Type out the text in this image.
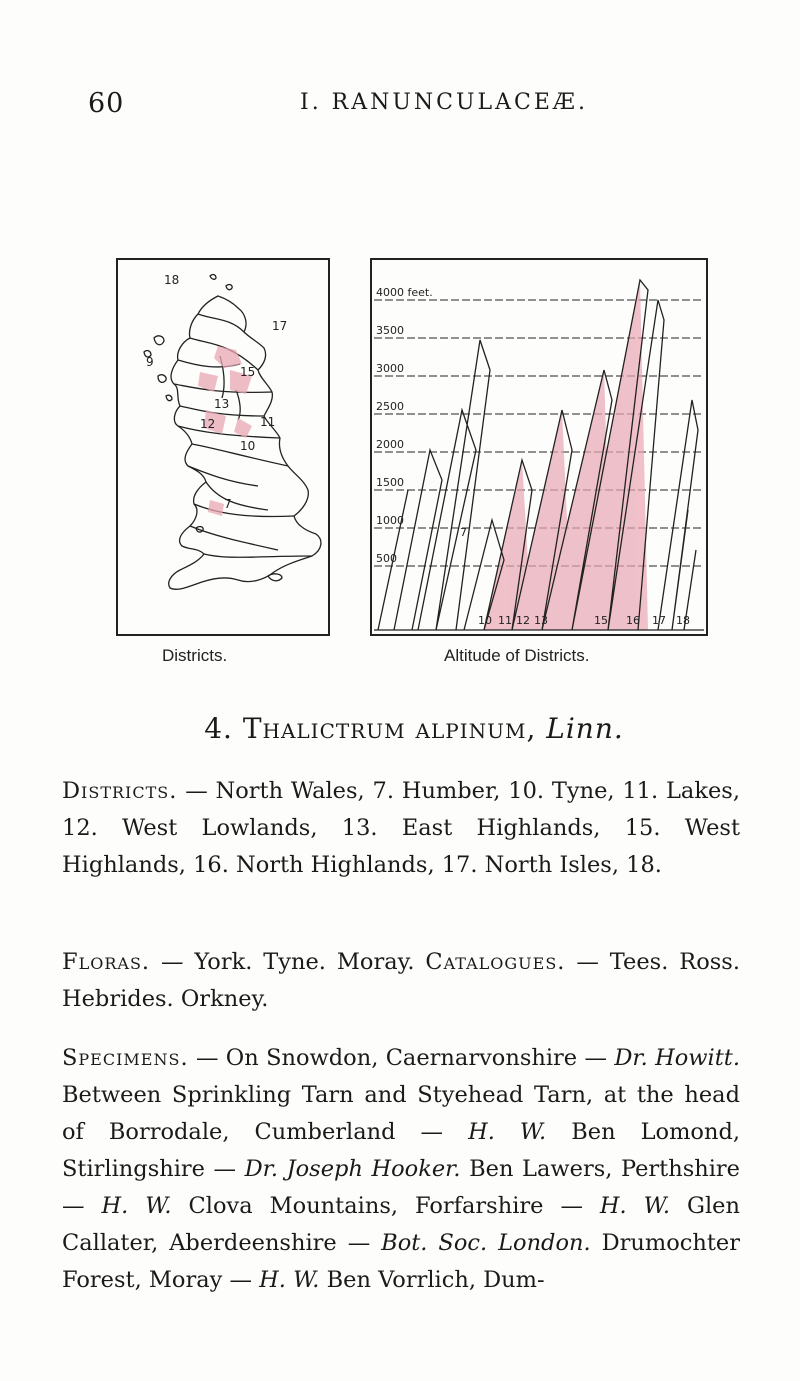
60	I. RANUNCULACEÆ.
18
17
15
13
12	11
10
9
7
4000 feet.
3500
3000
2500
2000
1500
1000
500
7
10 11 12 13	15 16 17 18
Districts.	Altitude of Districts.
4. Thalictrum alpinum, Linn.
Districts. — North Wales, 7. Humber, 10. Tyne, 11. Lakes, 12. West Lowlands, 13. East Highlands, 15. West Highlands, 16. North Highlands, 17. North Isles, 18.
Floras. — York. Tyne. Moray. Catalogues. — Tees. Ross. Hebrides. Orkney.
Specimens. — On Snowdon, Caernarvonshire — Dr. Howitt. Between Sprinkling Tarn and Styehead Tarn, at the head of Borrodale, Cumberland — H. W. Ben Lomond, Stirlingshire — Dr. Joseph Hooker. Ben Lawers, Perthshire — H. W. Clova Mountains, Forfarshire — H. W. Glen Callater, Aberdeenshire — Bot. Soc. London. Drumochter Forest, Moray — H. W. Ben Vorrlich, Dum-
